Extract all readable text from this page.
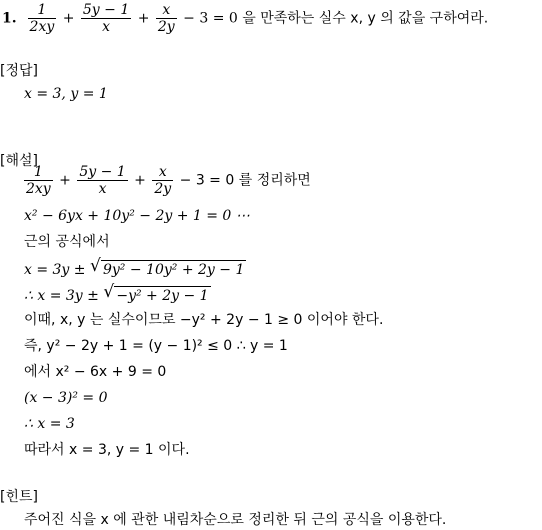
1. $\frac{1}{2xy} + \frac{5y - 1}{x} + \frac{x}{2y} - 3 = 0$ 을 만족하는 실수 x, y 의 값을 구하여라.
[정답]
x = 3, y = 1
[해설]
$\frac{1}{2xy} + \frac{5y - 1}{x} + \frac{x}{2y} - 3 = 0$ 를 정리하면
x² − 6yx + 10y² − 2y + 1 = 0 ⋯
근의 공식에서
x = 3y ± √ 9y² − 10y² + 2y − 1
∴ x = 3y ± √ −y² + 2y − 1
이때, x, y 는 실수이므로 −y² + 2y − 1 ≥ 0 이어야 한다.
즉, y² − 2y + 1 = (y − 1)² ≤ 0 ∴ y = 1
에서 x² − 6x + 9 = 0
(x − 3)² = 0
∴ x = 3
따라서 x = 3, y = 1 이다.
[힌트]
주어진 식을 x 에 관한 내림차순으로 정리한 뒤 근의 공식을 이용한다.
